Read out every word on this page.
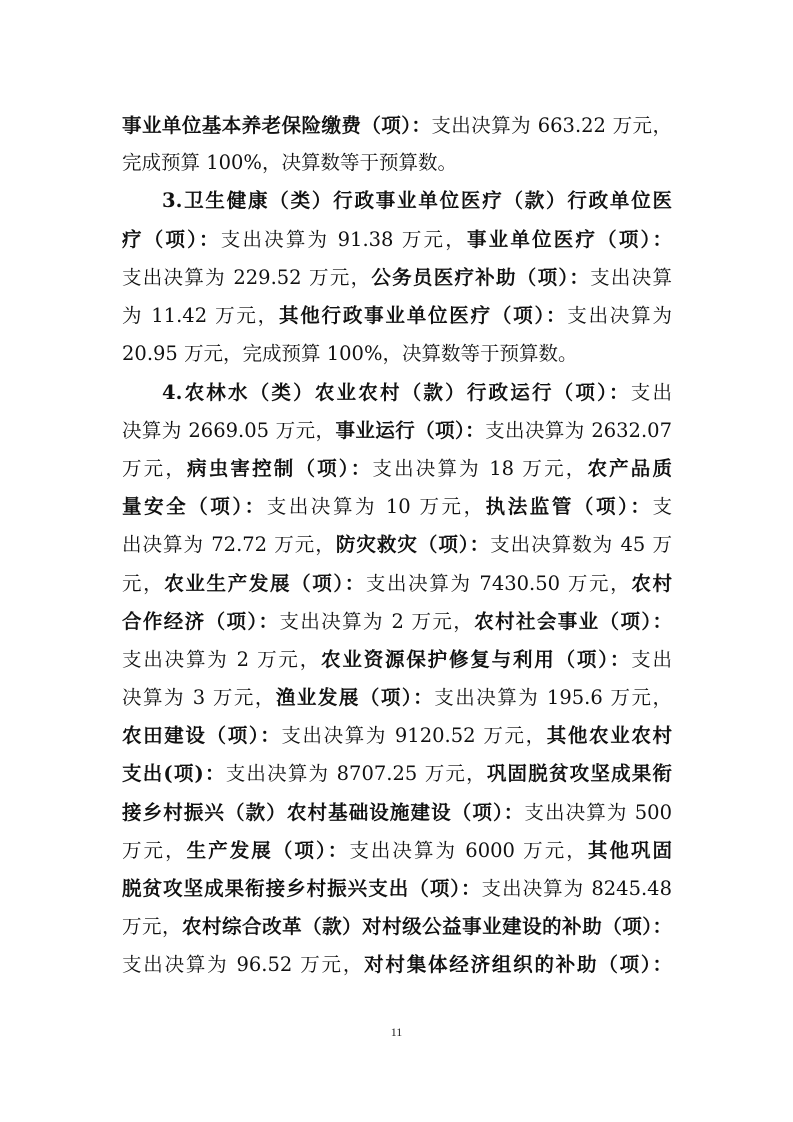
事业单位基本养老保险缴费（项）：支出决算为 663.22 万元，
完成预算 100%，决算数等于预算数。
3.卫生健康（类）行政事业单位医疗（款）行政单位医
疗（项）：支出决算为 91.38 万元，事业单位医疗（项）：
支出决算为 229.52 万元，公务员医疗补助（项）：支出决算
为 11.42 万元，其他行政事业单位医疗（项）：支出决算为
20.95 万元，完成预算 100%，决算数等于预算数。
4.农林水（类）农业农村（款）行政运行（项）：支出
决算为 2669.05 万元，事业运行（项）：支出决算为 2632.07
万元，病虫害控制（项）：支出决算为 18 万元，农产品质
量安全（项）：支出决算为 10 万元，执法监管（项）：支
出决算为 72.72 万元，防灾救灾（项）：支出决算数为 45 万
元，农业生产发展（项）：支出决算为 7430.50 万元，农村
合作经济（项）：支出决算为 2 万元，农村社会事业（项）：
支出决算为 2 万元，农业资源保护修复与利用（项）：支出
决算为 3 万元，渔业发展（项）：支出决算为 195.6 万元，
农田建设（项）：支出决算为 9120.52 万元，其他农业农村
支出(项)：支出决算为 8707.25 万元，巩固脱贫攻坚成果衔
接乡村振兴（款）农村基础设施建设（项）：支出决算为 500
万元，生产发展（项）：支出决算为 6000 万元，其他巩固
脱贫攻坚成果衔接乡村振兴支出（项）：支出决算为 8245.48
万元，农村综合改革（款）对村级公益事业建设的补助（项）：
支出决算为 96.52 万元，对村集体经济组织的补助（项）：
11
